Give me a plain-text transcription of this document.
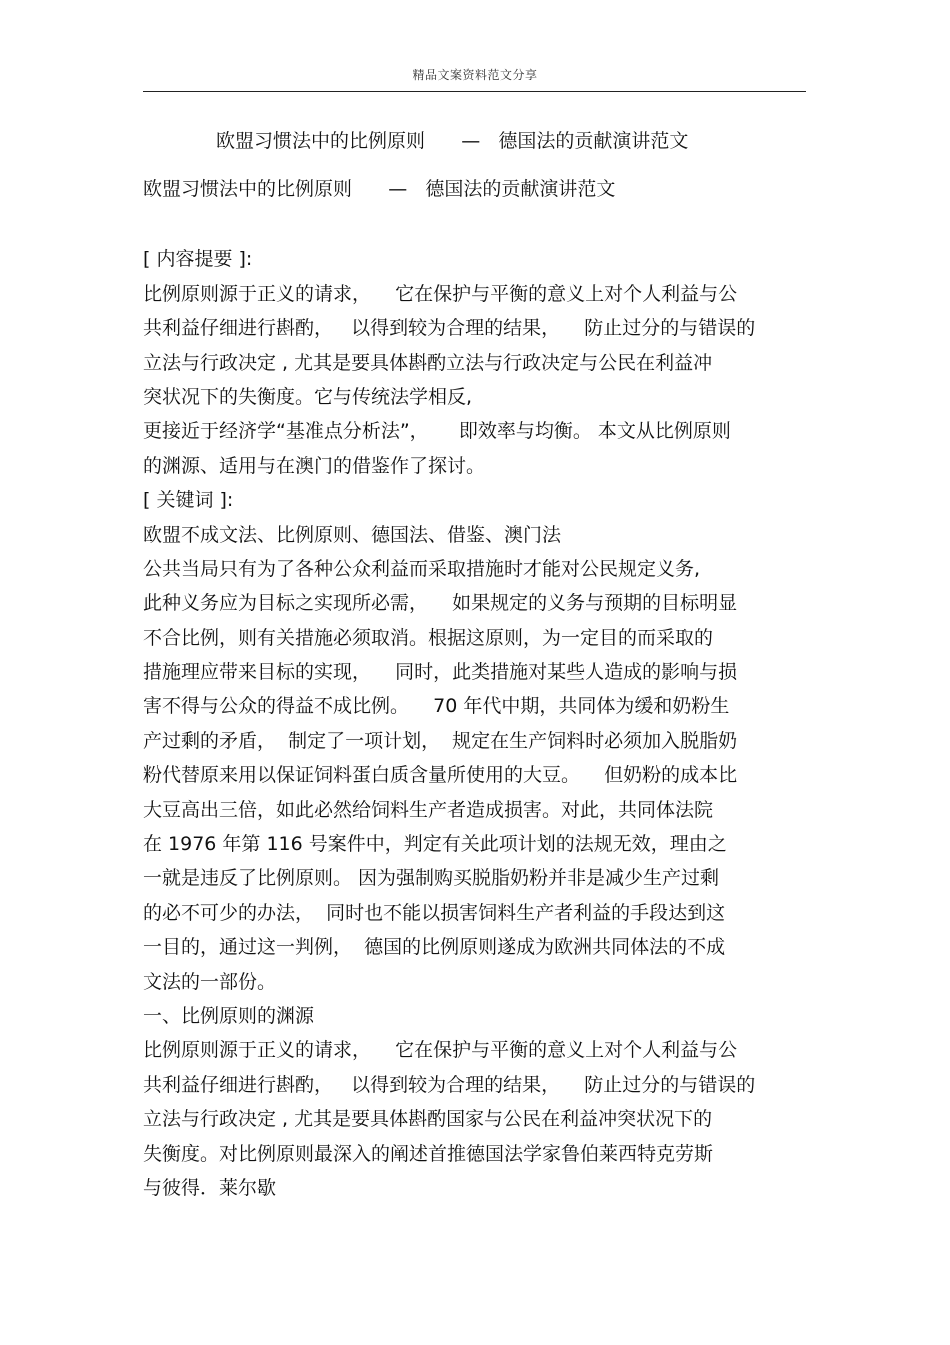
精品文案资料范文分享
欧盟习惯法中的比例原则      —   德国法的贡献演讲范文
欧盟习惯法中的比例原则      —   德国法的贡献演讲范文
[ 内容提要 ]:
比例原则源于正义的请求，    它在保护与平衡的意义上对个人利益与公
共利益仔细进行斟酌，   以得到较为合理的结果，    防止过分的与错误的
立法与行政决定 , 尤其是要具体斟酌立法与行政决定与公民在利益冲
突状况下的失衡度。它与传统法学相反,
更接近于经济学“基准点分析法”，     即效率与均衡。 本文从比例原则
的渊源、适用与在澳门的借鉴作了探讨。
[ 关键词 ]:
欧盟不成文法、比例原则、德国法、借鉴、澳门法
公共当局只有为了各种公众利益而采取措施时才能对公民规定义务,
此种义务应为目标之实现所必需，    如果规定的义务与预期的目标明显
不合比例，则有关措施必须取消。根据这原则，为一定目的而采取的
措施理应带来目标的实现，    同时，此类措施对某些人造成的影响与损
害不得与公众的得益不成比例。    70 年代中期，共同体为缓和奶粉生
产过剩的矛盾，  制定了一项计划，  规定在生产饲料时必须加入脱脂奶
粉代替原来用以保证饲料蛋白质含量所使用的大豆。    但奶粉的成本比
大豆高出三倍，如此必然给饲料生产者造成损害。对此，共同体法院
在 1976 年第 116 号案件中，判定有关此项计划的法规无效，理由之
一就是违反了比例原则。 因为强制购买脱脂奶粉并非是减少生产过剩
的必不可少的办法，  同时也不能以损害饲料生产者利益的手段达到这
一目的，通过这一判例，  德国的比例原则遂成为欧洲共同体法的不成
文法的一部份。
一、比例原则的渊源
比例原则源于正义的请求，    它在保护与平衡的意义上对个人利益与公
共利益仔细进行斟酌，   以得到较为合理的结果，    防止过分的与错误的
立法与行政决定 , 尤其是要具体斟酌国家与公民在利益冲突状况下的
失衡度。对比例原则最深入的阐述首推德国法学家鲁伯莱西特克劳斯
与彼得．莱尔歇
